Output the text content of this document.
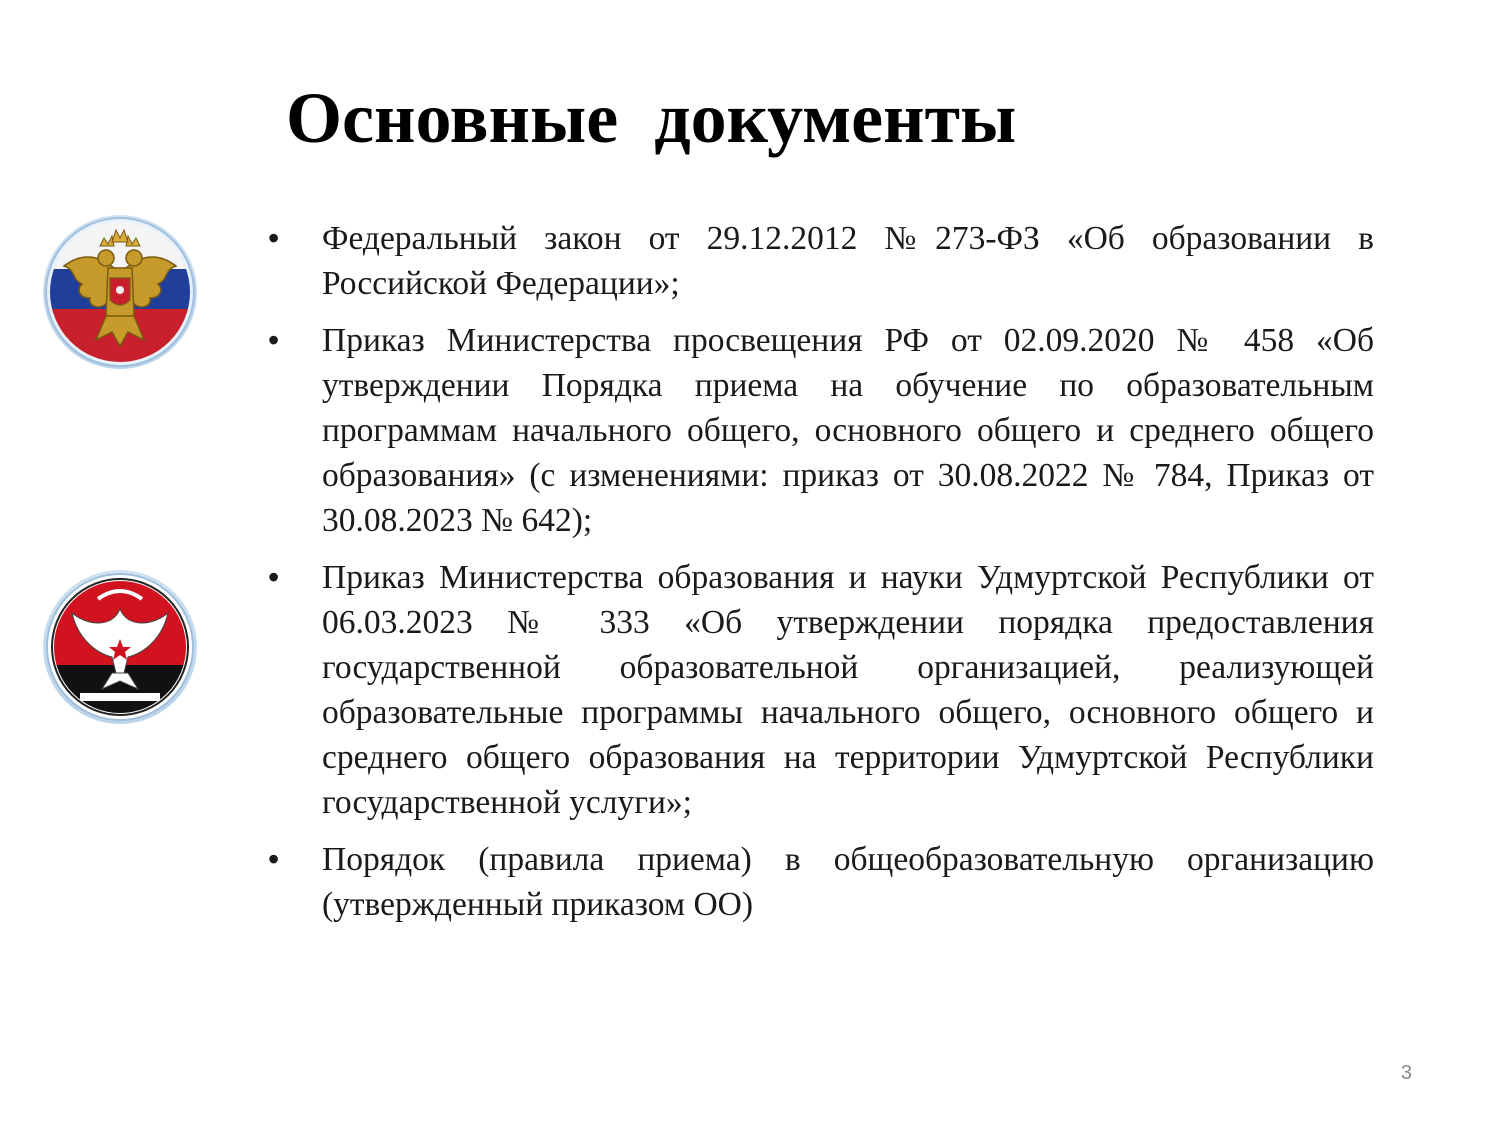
Основные  документы
• Федеральный закон от 29.12.2012 №273-ФЗ «Об образовании в Российской Федерации»;
• Приказ Министерства просвещения РФ от 02.09.2020 № 458 «Об утверждении Порядка приема на обучение по образовательным программам начального общего, основного общего и среднего общего образования» (с изменениями: приказ от 30.08.2022 № 784, Приказ от 30.08.2023 № 642);
• Приказ Министерства образования и науки Удмуртской Республики от 06.03.2023 № 333 «Об утверждении порядка предоставления государственной образовательной организацией, реализующей образовательные программы начального общего, основного общего и среднего общего образования на территории Удмуртской Республики государственной услуги»;
• Порядок (правила приема) в общеобразовательную организацию (утвержденный приказом ОО)
3
